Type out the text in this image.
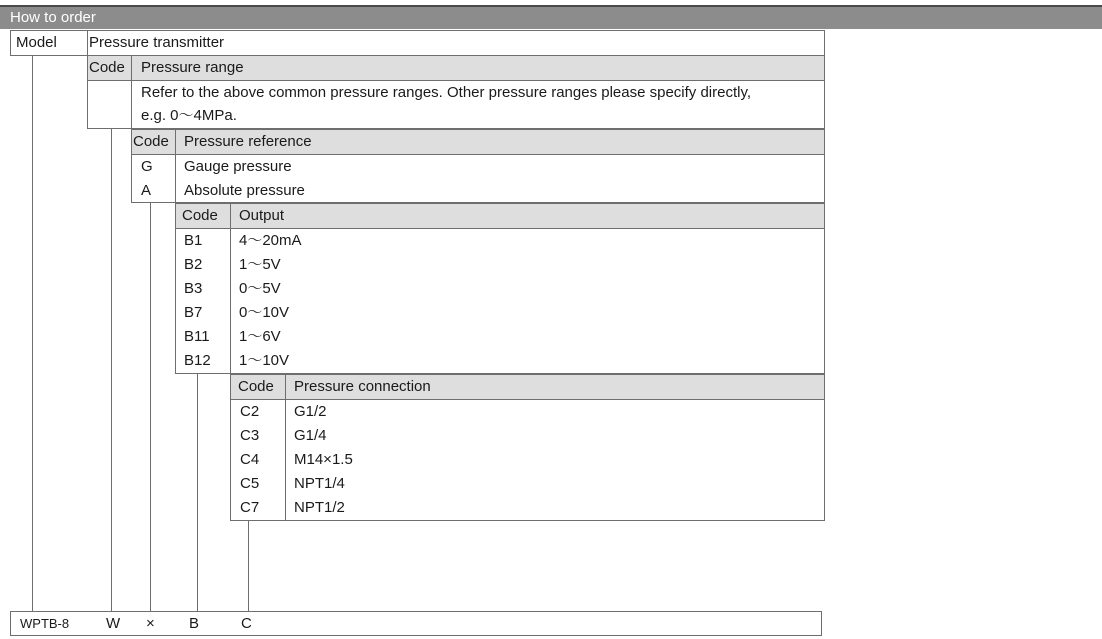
How to order
Model Pressure transmitter
Code Pressure range
Refer to the above common pressure ranges. Other pressure ranges please specify directly,
e.g. 0～4MPa.
Code Pressure reference
G Gauge pressure
A Absolute pressure
Code Output
B1 4～20mA
B2 1～5V
B3 0～5V
B7 0～10V
B11 1～6V
B12 1～10V
Code Pressure connection
C2 G1/2
C3 G1/4
C4 M14×1.5
C5 NPT1/4
C7 NPT1/2
WPTB-8 W × B	C
